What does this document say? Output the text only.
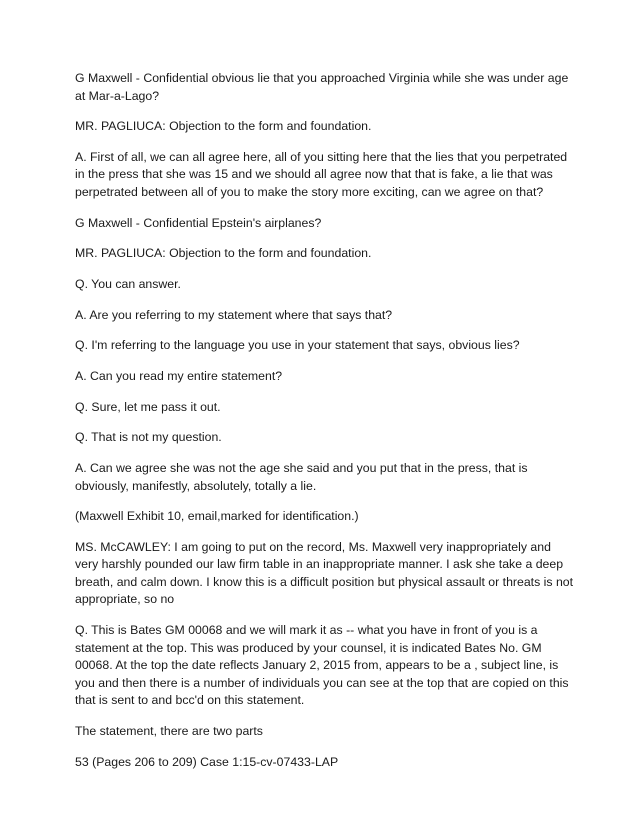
G Maxwell - Confidential obvious lie that you approached Virginia while she was under age at Mar-a-Lago?

MR. PAGLIUCA: Objection to the form and foundation.

A. First of all, we can all agree here, all of you sitting here that the lies that you perpetrated in the press that she was 15 and we should all agree now that that is fake, a lie that was perpetrated between all of you to make the story more exciting, can we agree on that?

G Maxwell - Confidential Epstein's airplanes?

MR. PAGLIUCA: Objection to the form and foundation.

Q. You can answer.

A. Are you referring to my statement where that says that?

Q. I'm referring to the language you use in your statement that says, obvious lies?

A. Can you read my entire statement?

Q. Sure, let me pass it out.

Q. That is not my question.

A. Can we agree she was not the age she said and you put that in the press, that is obviously, manifestly, absolutely, totally a lie.

(Maxwell Exhibit 10, email,marked for identification.)

MS. McCAWLEY: I am going to put on the record, Ms. Maxwell very inappropriately and very harshly pounded our law firm table in an inappropriate manner. I ask she take a deep breath, and calm down. I know this is a difficult position but physical assault or threats is not appropriate, so no

Q. This is Bates GM 00068 and we will mark it as -- what you have in front of you is a statement at the top. This was produced by your counsel, it is indicated Bates No. GM 00068. At the top the date reflects January 2, 2015 from, appears to be a , subject line, is you and then there is a number of individuals you can see at the top that are copied on this that is sent to and bcc'd on this statement.

The statement, there are two parts

53 (Pages 206 to 209) Case 1:15-cv-07433-LAP
